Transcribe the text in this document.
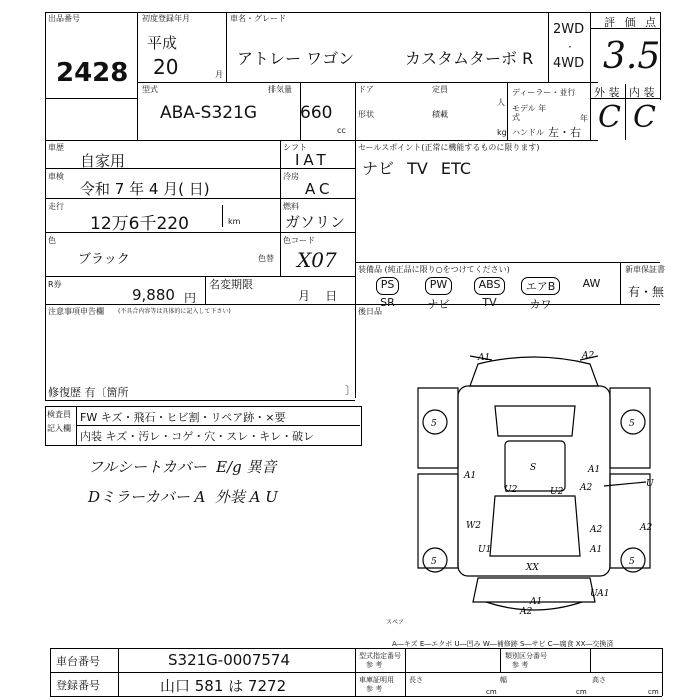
出品番号
2428
初度登録年月
平成
20	月
車名・グレード
アトレー ワゴン	カスタムターボ R
2WD
·
4WD
評 価 点
3.5
外 装 内 装
C C
型式
ABA-S321G
排気量
660
cc
ドア	定員
人
形状	積載
kg
ディーラー・並行
モデル 年式	年
ハンドル 左・右
車歴
自家用
シフト
IAT
車検
令和 7 年 4 月( 日)
冷房
AC
走行
12万6千220	km
燃料
ガソリン
色
ブラック	色替
色コード
X07
R券
9,880 円
名変期限
月    日
注意事項申告欄 (不具合内容等は具体的に記入して下さい)
修復歴 有〔箇所	〕
セールスポイント(正常に機能するものに限ります)
ナビ TV ETC
装備品 (純正品に限り○をつけてください)
PS	PW	ABS	エアB	AW
SR	ナビ	TV	カワ
新車保証書
有・無
後日品
検査員
記入欄
FW キズ・飛石・ヒビ割・リペア跡・×要
内装 キズ・汚レ・コゲ・穴・スレ・キレ・破レ
フルシートカバー  E/g 異音
Dミラーカバー A  外装 A U
A1	A2
5	5
5	5
A1
A1
S
U2	A2
U2
W2	A2	A2
U1	A1
XX
A1
UA1
A2
U
スペア
A―キズ E―エクボ U―凹み W―補修跡 S―サビ C―腐食 XX―交換済
車台番号	S321G-0007574
登録番号	山口 581 は 7272
型式指定番号
参 考
類別区分番号
参 考
車庫証明用
参 考
長さ
cm
幅
cm
高さ
cm
